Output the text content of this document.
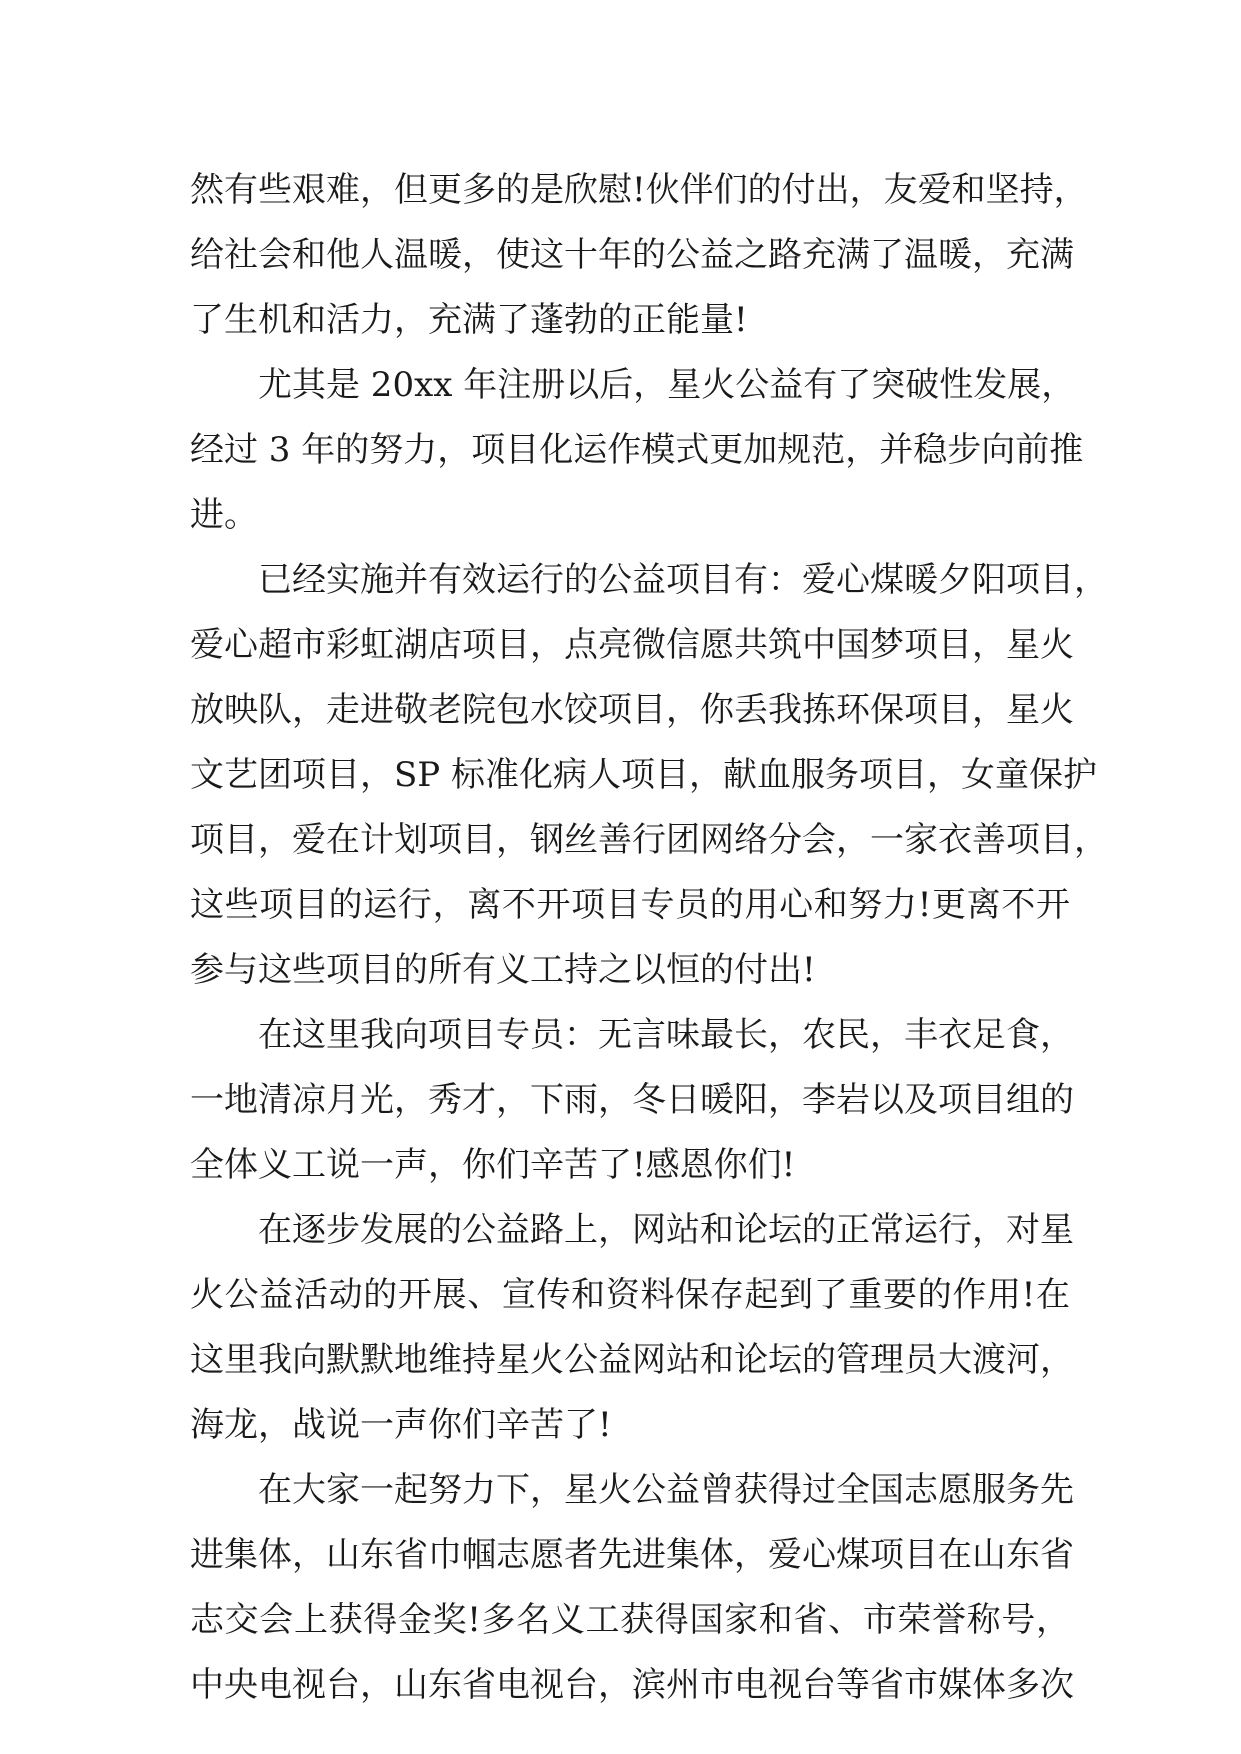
然有些艰难，但更多的是欣慰!伙伴们的付出，友爱和坚持，
给社会和他人温暖，使这十年的公益之路充满了温暖，充满
了生机和活力，充满了蓬勃的正能量!
尤其是 20xx 年注册以后，星火公益有了突破性发展，
经过 3 年的努力，项目化运作模式更加规范，并稳步向前推
进。
已经实施并有效运行的公益项目有：爱心煤暖夕阳项目，
爱心超市彩虹湖店项目，点亮微信愿共筑中国梦项目，星火
放映队，走进敬老院包水饺项目，你丢我拣环保项目，星火
文艺团项目，SP 标准化病人项目，献血服务项目，女童保护
项目，爱在计划项目，钢丝善行团网络分会，一家衣善项目，
这些项目的运行，离不开项目专员的用心和努力!更离不开
参与这些项目的所有义工持之以恒的付出!
在这里我向项目专员：无言味最长，农民，丰衣足食，
一地清凉月光，秀才，下雨，冬日暖阳，李岩以及项目组的
全体义工说一声，你们辛苦了!感恩你们!
在逐步发展的公益路上，网站和论坛的正常运行，对星
火公益活动的开展、宣传和资料保存起到了重要的作用!在
这里我向默默地维持星火公益网站和论坛的管理员大渡河，
海龙，战说一声你们辛苦了!
在大家一起努力下，星火公益曾获得过全国志愿服务先
进集体，山东省巾帼志愿者先进集体，爱心煤项目在山东省
志交会上获得金奖!多名义工获得国家和省、市荣誉称号，
中央电视台，山东省电视台，滨州市电视台等省市媒体多次
